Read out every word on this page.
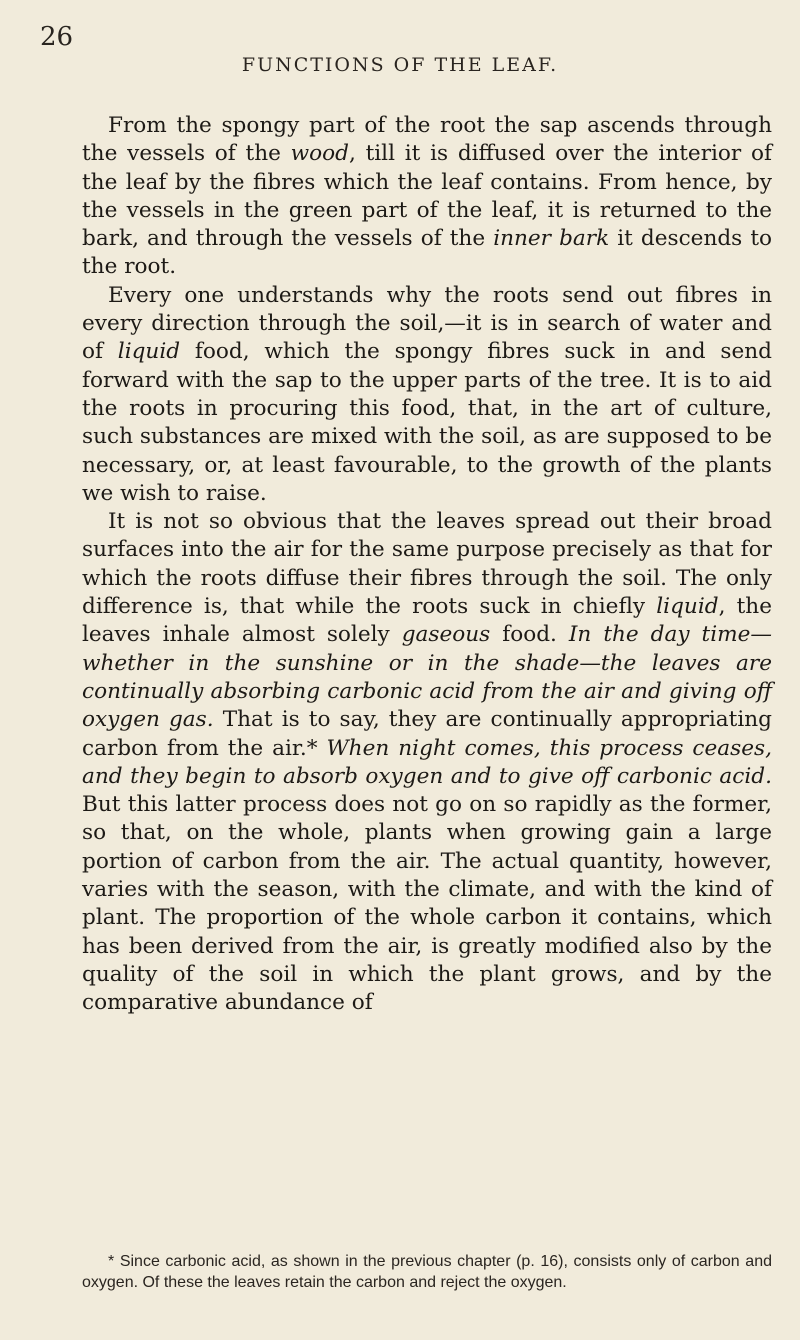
26
FUNCTIONS OF THE LEAF.

From the spongy part of the root the sap ascends through the vessels of the wood, till it is diffused over the interior of the leaf by the fibres which the leaf contains. From hence, by the vessels in the green part of the leaf, it is returned to the bark, and through the vessels of the inner bark it descends to the root.

Every one understands why the roots send out fibres in every direction through the soil,—it is in search of water and of liquid food, which the spongy fibres suck in and send forward with the sap to the upper parts of the tree. It is to aid the roots in procuring this food, that, in the art of culture, such substances are mixed with the soil, as are supposed to be necessary, or, at least favourable, to the growth of the plants we wish to raise.

It is not so obvious that the leaves spread out their broad surfaces into the air for the same purpose precisely as that for which the roots diffuse their fibres through the soil. The only difference is, that while the roots suck in chiefly liquid, the leaves inhale almost solely gaseous food. In the day time—whether in the sunshine or in the shade—the leaves are continually absorbing carbonic acid from the air and giving off oxygen gas. That is to say, they are continually appropriating carbon from the air.* When night comes, this process ceases, and they begin to absorb oxygen and to give off carbonic acid. But this latter process does not go on so rapidly as the former, so that, on the whole, plants when growing gain a large portion of carbon from the air. The actual quantity, however, varies with the season, with the climate, and with the kind of plant. The proportion of the whole carbon it contains, which has been derived from the air, is greatly modified also by the quality of the soil in which the plant grows, and by the comparative abundance of

* Since carbonic acid, as shown in the previous chapter (p. 16), consists only of carbon and oxygen. Of these the leaves retain the carbon and reject the oxygen.
